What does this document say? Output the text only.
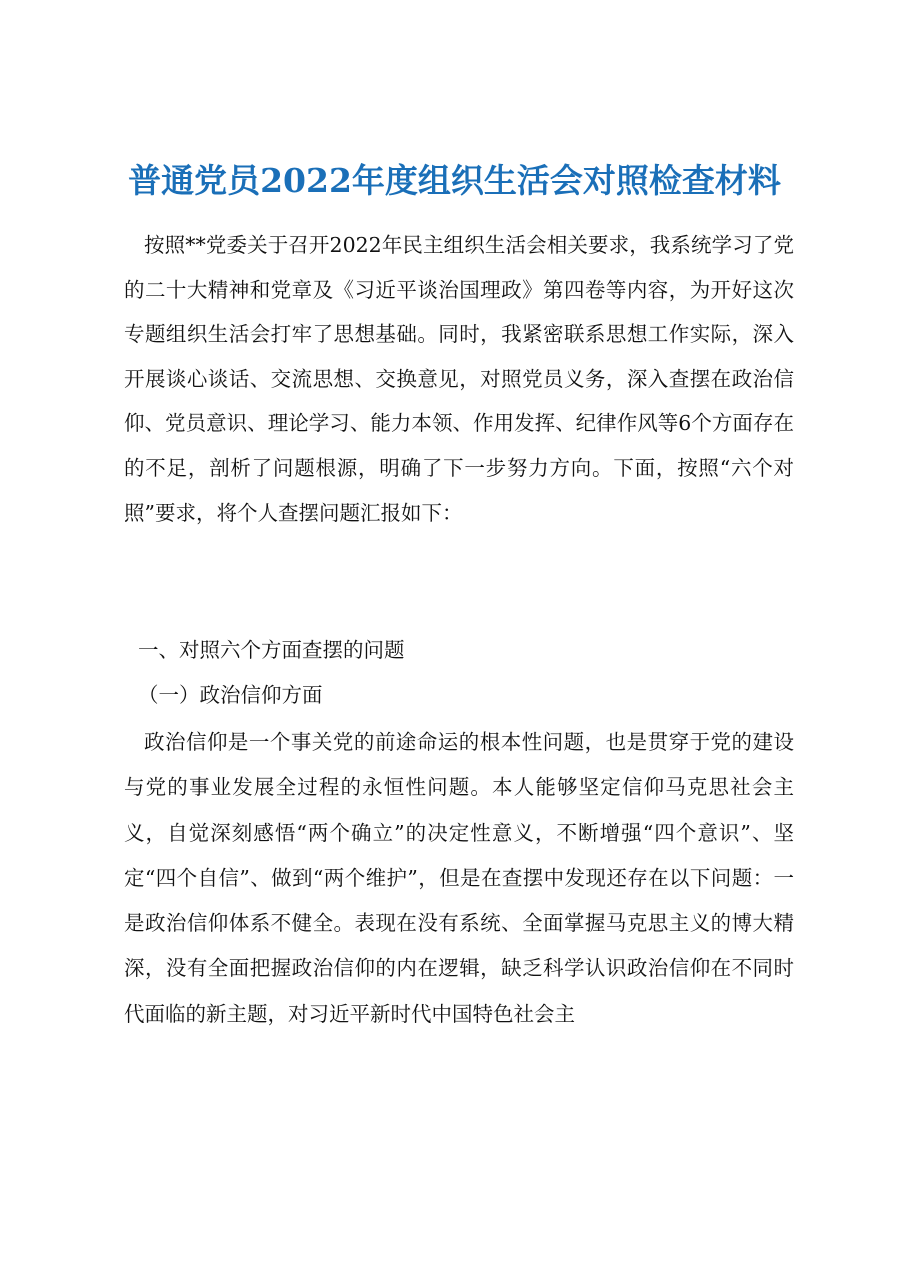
普通党员2022年度组织生活会对照检查材料

按照**党委关于召开2022年民主组织生活会相关要求，我系统学习了党的二十大精神和党章及《习近平谈治国理政》第四卷等内容，为开好这次专题组织生活会打牢了思想基础。同时，我紧密联系思想工作实际，深入开展谈心谈话、交流思想、交换意见，对照党员义务，深入查摆在政治信仰、党员意识、理论学习、能力本领、作用发挥、纪律作风等6个方面存在的不足，剖析了问题根源，明确了下一步努力方向。下面，按照“六个对照”要求，将个人查摆问题汇报如下：

一、对照六个方面查摆的问题

（一）政治信仰方面

政治信仰是一个事关党的前途命运的根本性问题，也是贯穿于党的建设与党的事业发展全过程的永恒性问题。本人能够坚定信仰马克思社会主义，自觉深刻感悟“两个确立”的决定性意义，不断增强“四个意识”、坚定“四个自信”、做到“两个维护”，但是在查摆中发现还存在以下问题：一是政治信仰体系不健全。表现在没有系统、全面掌握马克思主义的博大精深，没有全面把握政治信仰的内在逻辑，缺乏科学认识政治信仰在不同时代面临的新主题，对习近平新时代中国特色社会主
